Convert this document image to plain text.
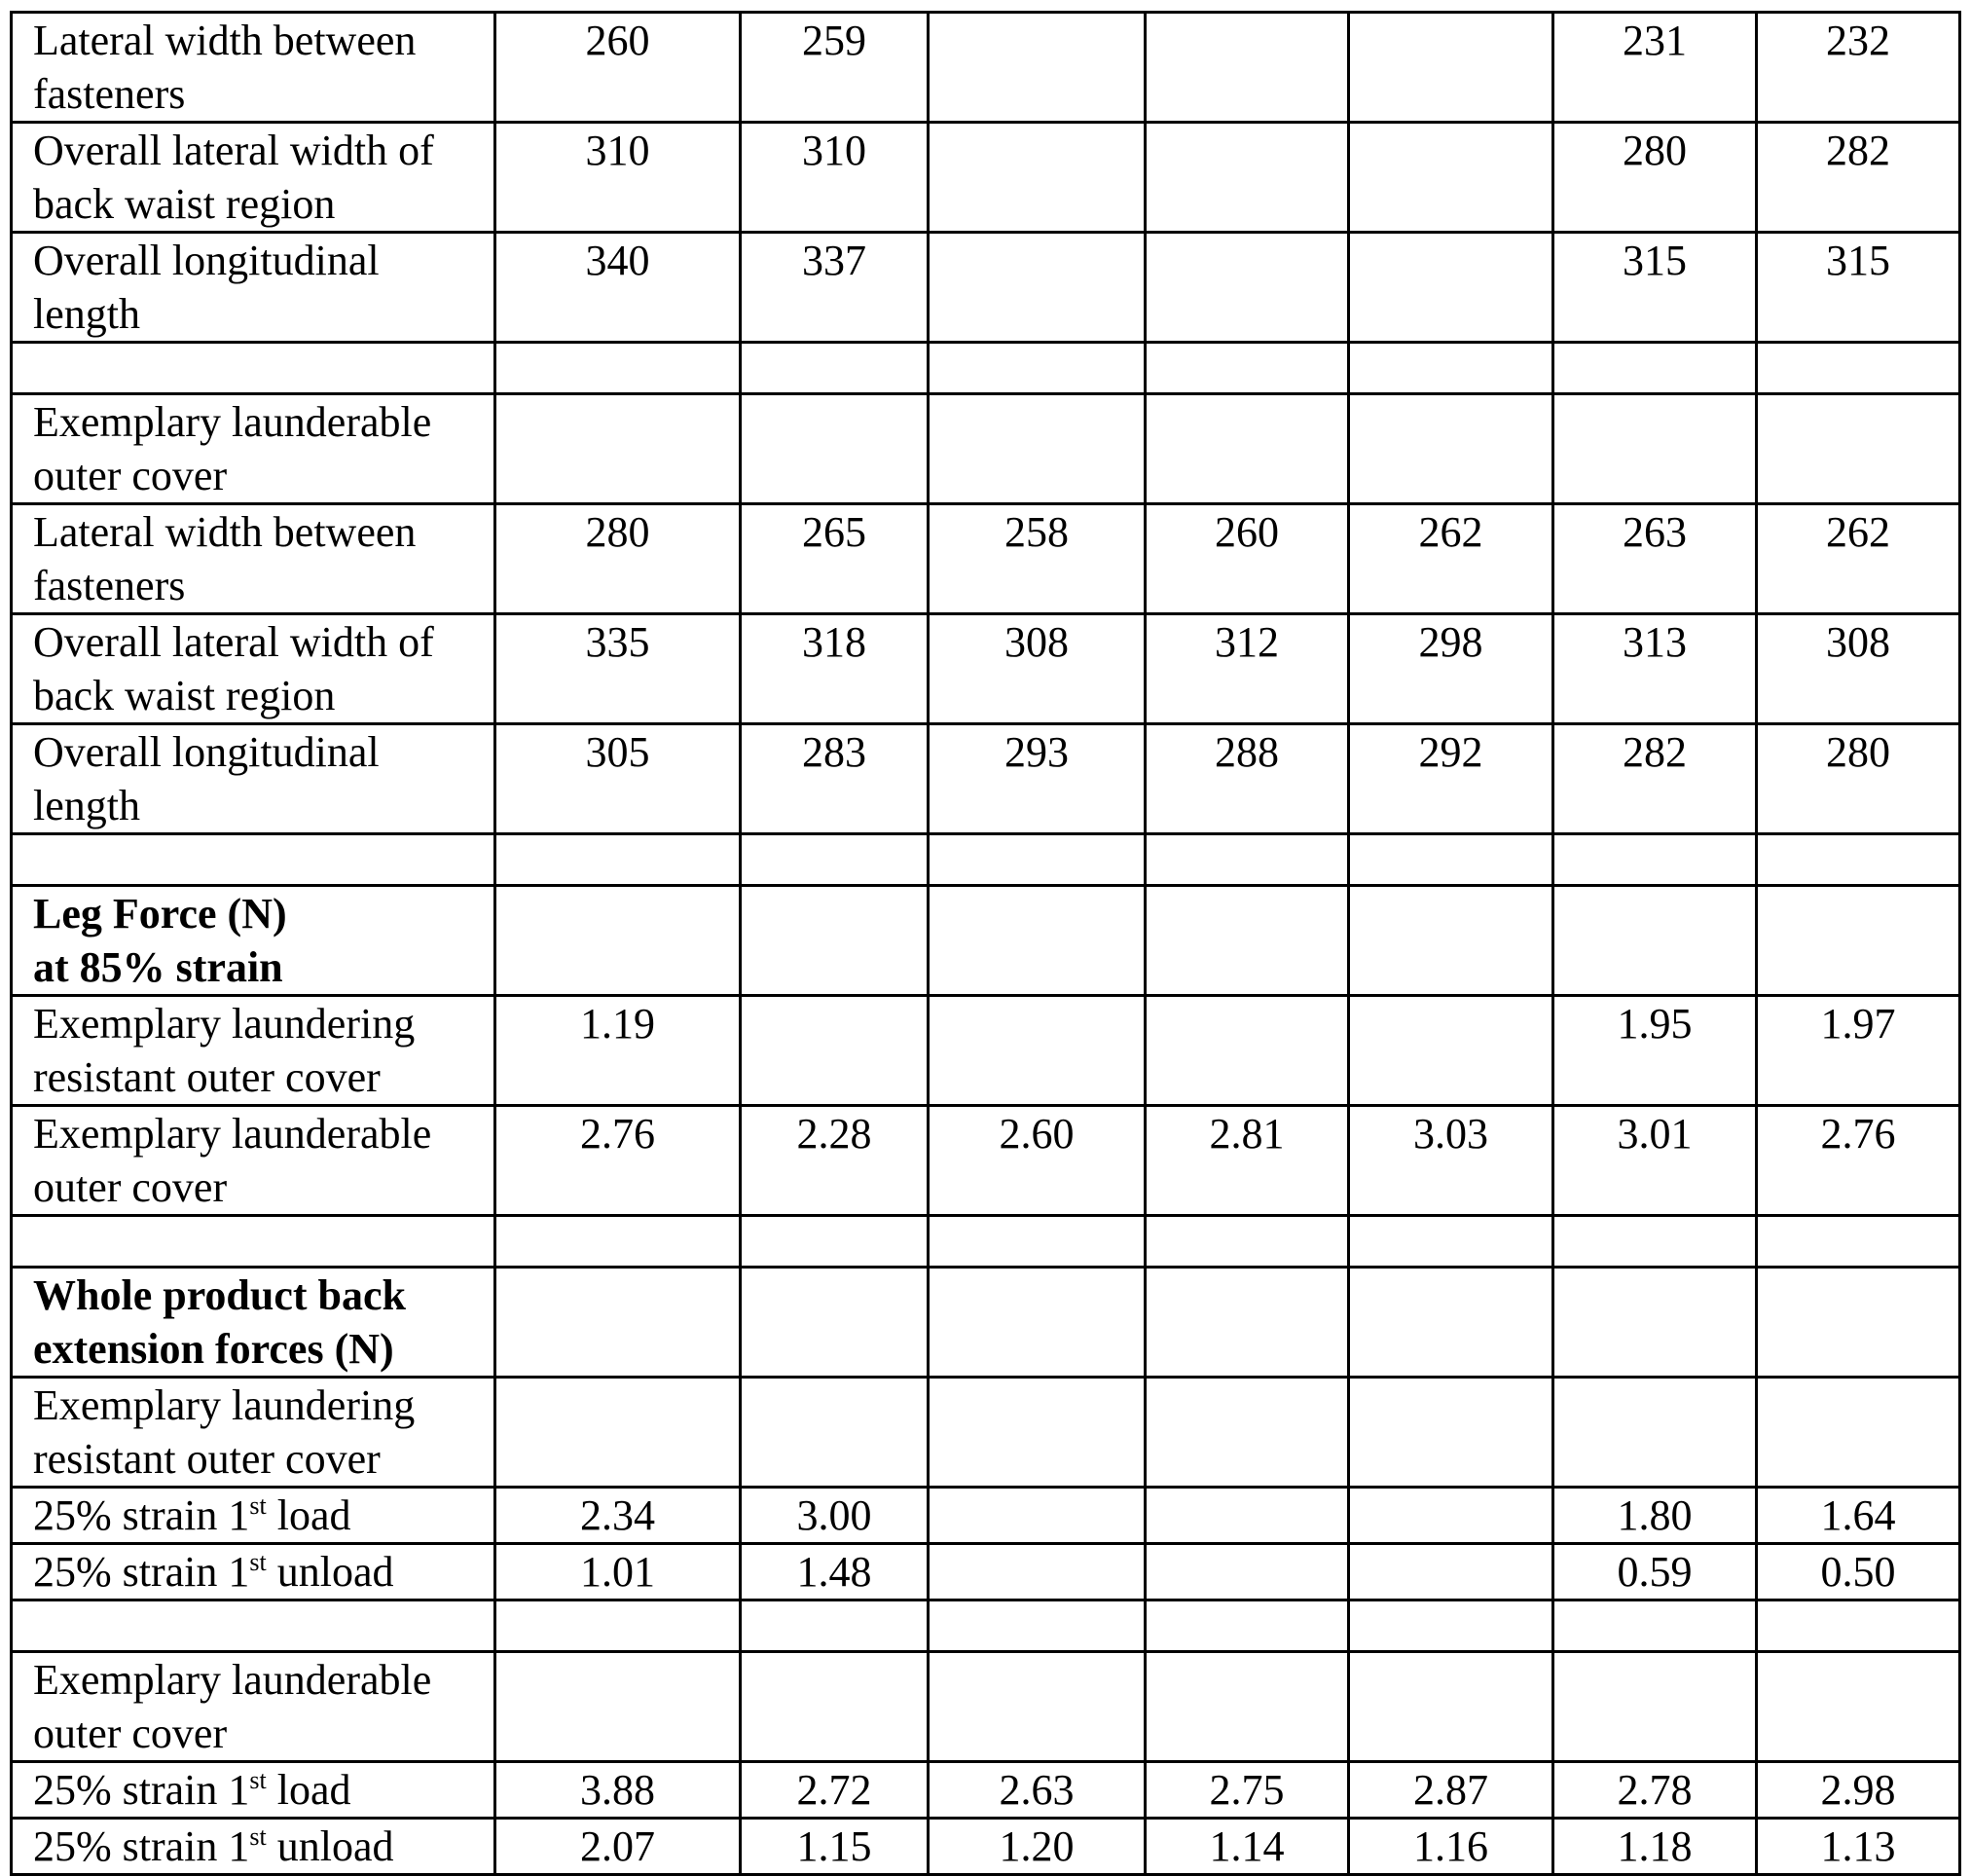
Lateral width between fasteners	260	259				231	232
Overall lateral width of back waist region	310	310				280	282
Overall longitudinal length	340	337				315	315

Exemplary launderable outer cover							
Lateral width between fasteners	280	265	258	260	262	263	262
Overall lateral width of back waist region	335	318	308	312	298	313	308
Overall longitudinal length	305	283	293	288	292	282	280

Leg Force (N)
at 85% strain							

Exemplary laundering resistant outer cover	1.19					1.95	1.97
Exemplary launderable outer cover	2.76	2.28	2.60	2.81	3.03	3.01	2.76

Whole product back extension forces (N)							
Exemplary laundering resistant outer cover							
25% strain 1st load	2.34	3.00				1.80	1.64
25% strain 1st unload	1.01	1.48				0.59	0.50

Exemplary launderable outer cover							
25% strain 1st load	3.88	2.72	2.63	2.75	2.87	2.78	2.98
25% strain 1st unload	2.07	1.15	1.20	1.14	1.16	1.18	1.13
